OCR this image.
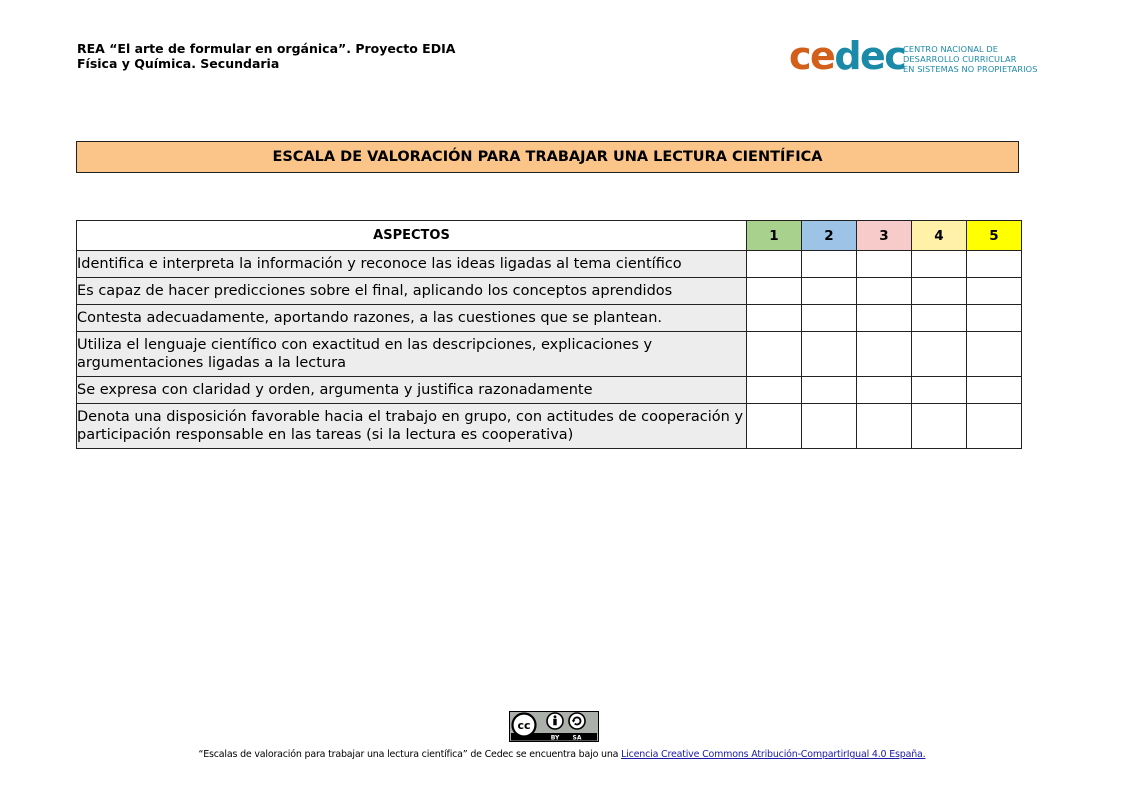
REA “El arte de formular en orgánica”. Proyecto EDIA
Física y Química. Secundaria	cedec
CENTRO NACIONAL DE
DESARROLLO CURRICULAR
EN SISTEMAS NO PROPIETARIOS
ESCALA DE VALORACIÓN PARA TRABAJAR UNA LECTURA CIENTÍFICA
ASPECTOS	1	2	3	4	5
Identifica e interpreta la información y reconoce las ideas ligadas al tema científico					
Es capaz de hacer predicciones sobre el final, aplicando los conceptos aprendidos					
Contesta adecuadamente, aportando razones, a las cuestiones que se plantean.					
Utiliza el lenguaje científico con exactitud en las descripciones, explicaciones y argumentaciones ligadas a la lectura					
Se expresa con claridad y orden, argumenta y justifica razonadamente					
Denota una disposición favorable hacia el trabajo en grupo, con actitudes de cooperación y participación responsable en las tareas (si la lectura es cooperativa)					
cc
BY SA
“Escalas de valoración para trabajar una lectura científica” de Cedec se encuentra bajo una Licencia Creative Commons Atribución-CompartirIgual 4.0 España.
